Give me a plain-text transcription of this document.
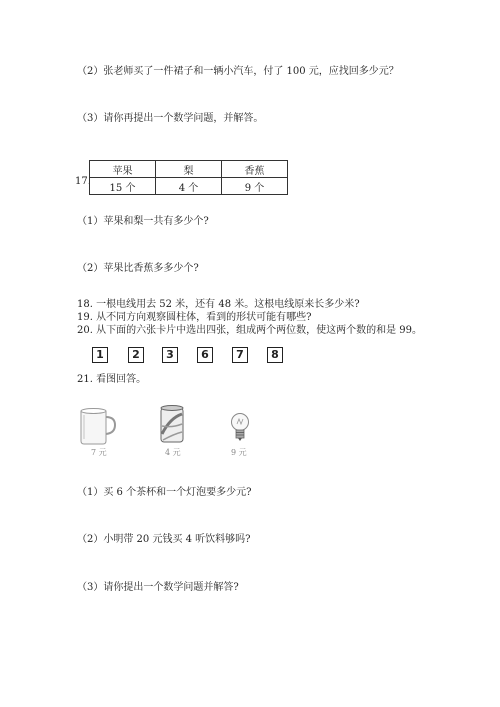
（2）张老师买了一件裙子和一辆小汽车，付了 100 元，应找回多少元？
（3）请你再提出一个数学问题，并解答。
17.
苹果	梨	香蕉
15 个	4 个	9 个
（1）苹果和梨一共有多少个?
（2）苹果比香蕉多多少个?
18. 一根电线用去 52 米，还有 48 米。这根电线原来长多少米?
19. 从不同方向观察圆柱体，看到的形状可能有哪些?
20. 从下面的六张卡片中选出四张，组成两个两位数，使这两个数的和是 99。
1	2	3	6	7	8
21. 看图回答。
7 元	4 元	9 元
（1）买 6 个茶杯和一个灯泡要多少元?
（2）小明带 20 元钱买 4 听饮料够吗?
（3）请你提出一个数学问题并解答?
